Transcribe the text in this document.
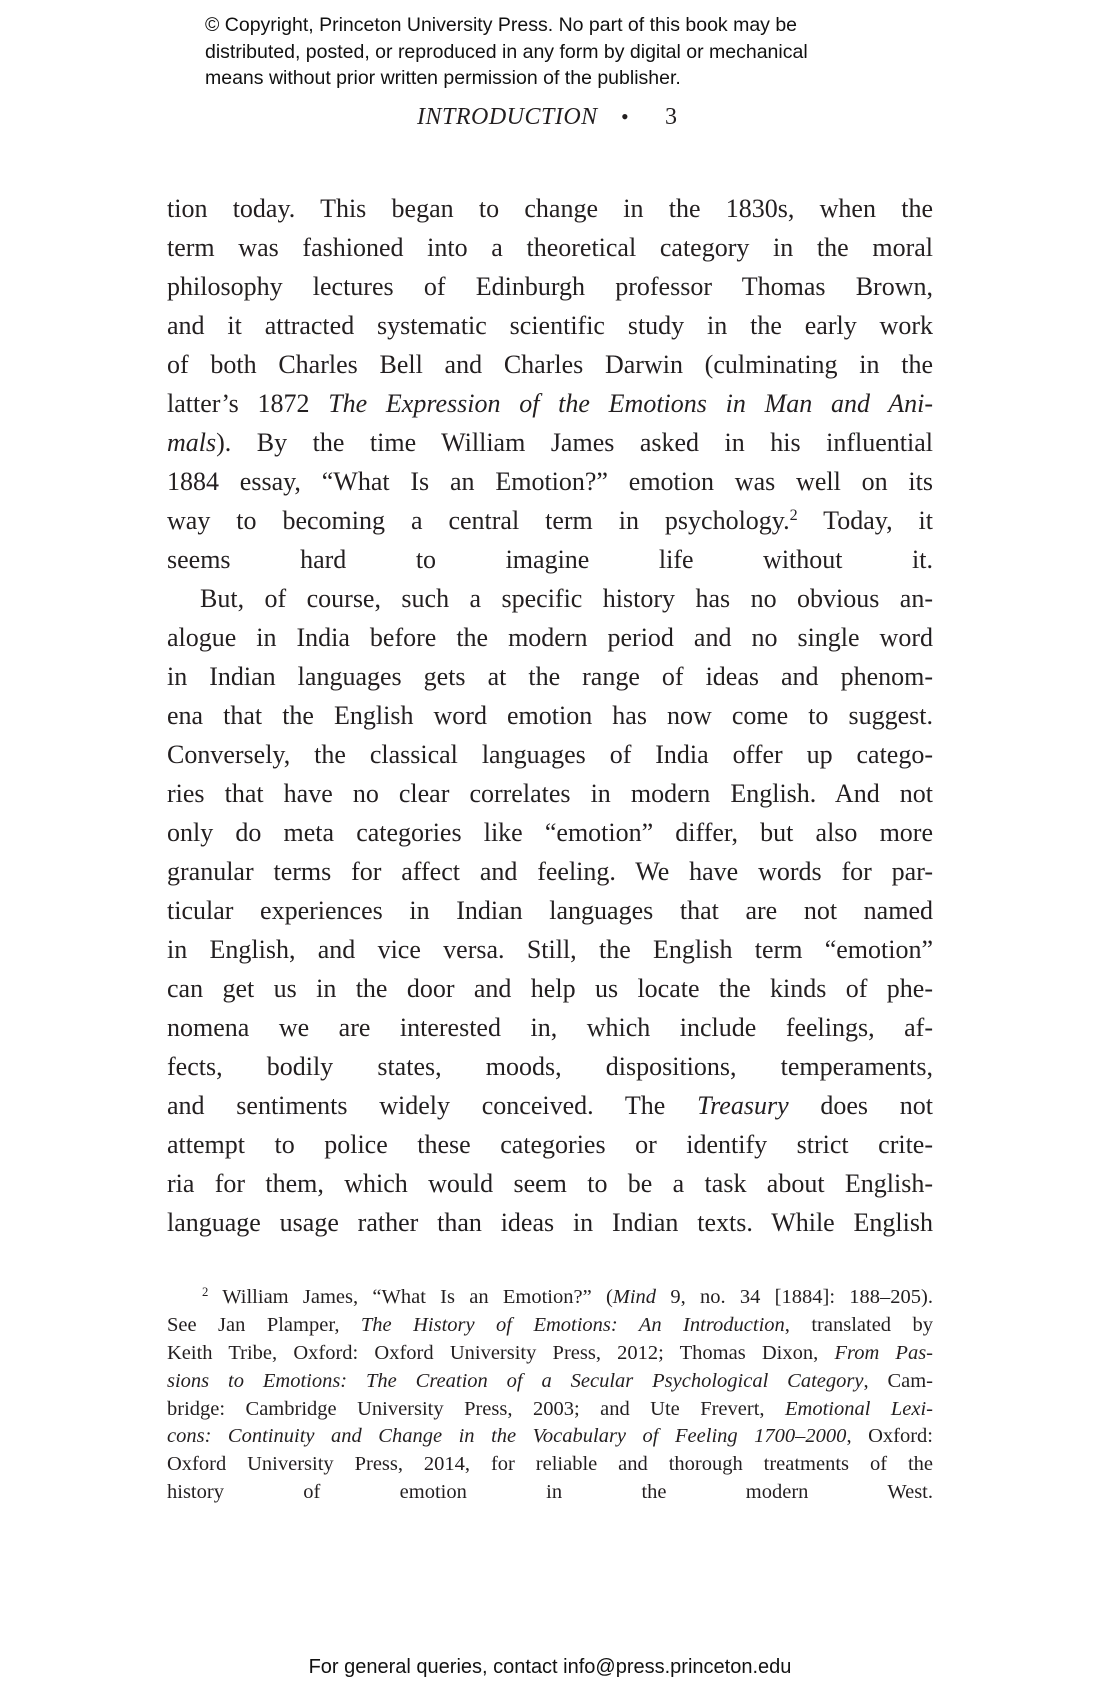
© Copyright, Princeton University Press. No part of this book may be
distributed, posted, or reproduced in any form by digital or mechanical
means without prior written permission of the publisher.
INTRODUCTION • 3
tion today. This began to change in the 1830s, when the
term was fashioned into a theoretical category in the moral
philosophy lectures of Edinburgh professor Thomas Brown,
and it attracted systematic scientific study in the early work
of both Charles Bell and Charles Darwin (culminating in the
latter’s 1872 The Expression of the Emotions in Man and Ani-
mals). By the time William James asked in his influential
1884 essay, “What Is an Emotion?” emotion was well on its
way to becoming a central term in psychology.$^2$ Today, it
seems hard to imagine life without it.
But, of course, such a specific history has no obvious an-
alogue in India before the modern period and no single word
in Indian languages gets at the range of ideas and phenom-
ena that the English word emotion has now come to suggest.
Conversely, the classical languages of India offer up catego-
ries that have no clear correlates in modern English. And not
only do meta categories like “emotion” differ, but also more
granular terms for affect and feeling. We have words for par-
ticular experiences in Indian languages that are not named
in English, and vice versa. Still, the English term “emotion”
can get us in the door and help us locate the kinds of phe-
nomena we are interested in, which include feelings, af-
fects, bodily states, moods, dispositions, temperaments,
and sentiments widely conceived. The Treasury does not
attempt to police these categories or identify strict crite-
ria for them, which would seem to be a task about English-
language usage rather than ideas in Indian texts. While English
$^2$ William James, “What Is an Emotion?” (Mind 9, no. 34 [1884]: 188–205).
See Jan Plamper, The History of Emotions: An Introduction, translated by
Keith Tribe, Oxford: Oxford University Press, 2012; Thomas Dixon, From Pas-
sions to Emotions: The Creation of a Secular Psychological Category, Cam-
bridge: Cambridge University Press, 2003; and Ute Frevert, Emotional Lexi-
cons: Continuity and Change in the Vocabulary of Feeling 1700–2000, Oxford:
Oxford University Press, 2014, for reliable and thorough treatments of the
history of emotion in the modern West.
For general queries, contact info@press.princeton.edu
